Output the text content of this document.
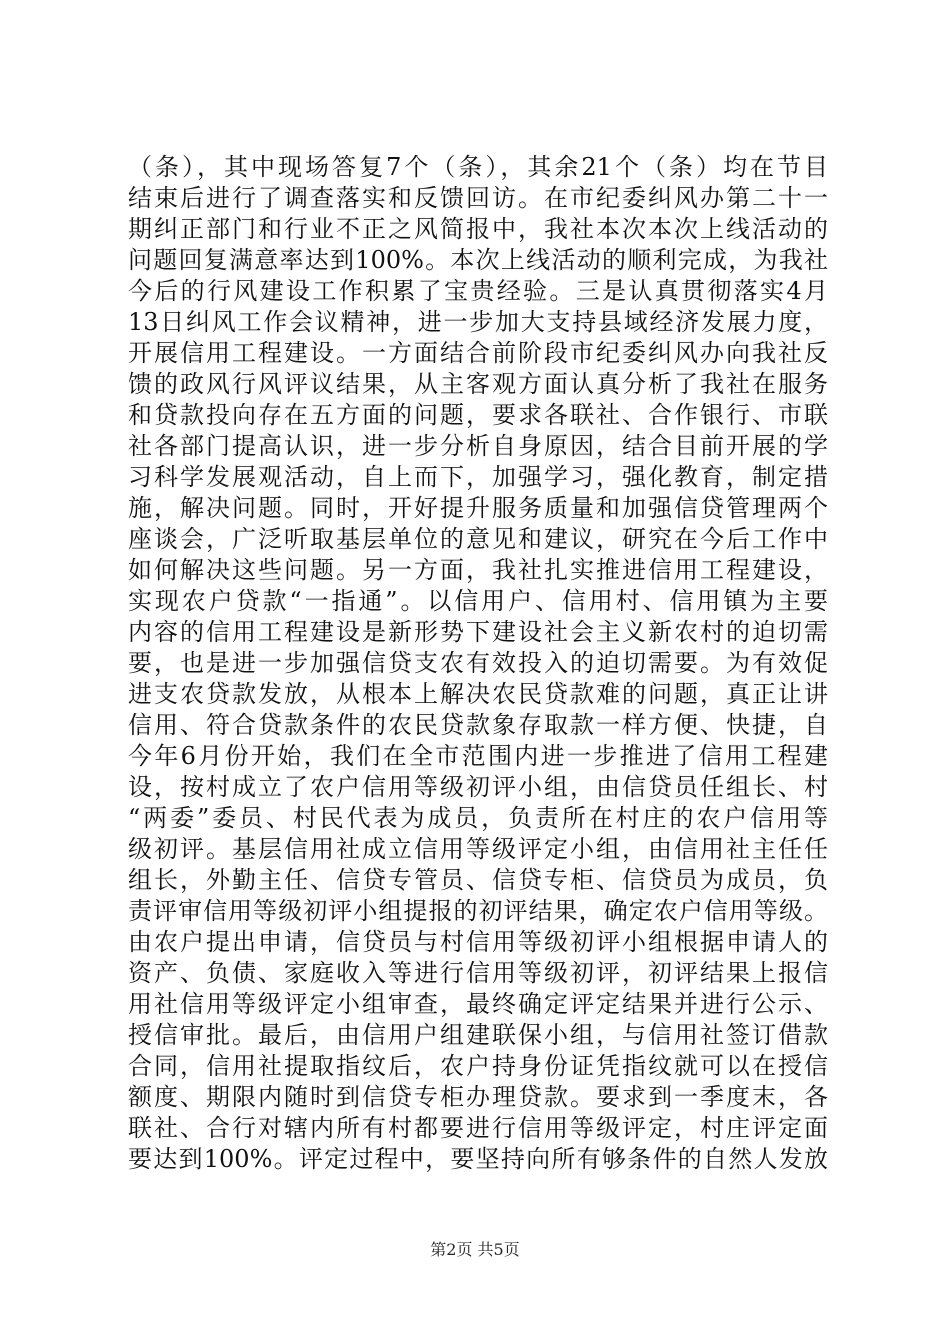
（条），其中现场答复7个（条），其余21个（条）均在节目
结束后进行了调查落实和反馈回访。在市纪委纠风办第二十一
期纠正部门和行业不正之风简报中，我社本次本次上线活动的
问题回复满意率达到100%。本次上线活动的顺利完成，为我社
今后的行风建设工作积累了宝贵经验。三是认真贯彻落实4月
13日纠风工作会议精神，进一步加大支持县域经济发展力度，
开展信用工程建设。一方面结合前阶段市纪委纠风办向我社反
馈的政风行风评议结果，从主客观方面认真分析了我社在服务
和贷款投向存在五方面的问题，要求各联社、合作银行、市联
社各部门提高认识，进一步分析自身原因，结合目前开展的学
习科学发展观活动，自上而下，加强学习，强化教育，制定措
施，解决问题。同时，开好提升服务质量和加强信贷管理两个
座谈会，广泛听取基层单位的意见和建议，研究在今后工作中
如何解决这些问题。另一方面，我社扎实推进信用工程建设，
实现农户贷款“一指通”。以信用户、信用村、信用镇为主要
内容的信用工程建设是新形势下建设社会主义新农村的迫切需
要，也是进一步加强信贷支农有效投入的迫切需要。为有效促
进支农贷款发放，从根本上解决农民贷款难的问题，真正让讲
信用、符合贷款条件的农民贷款象存取款一样方便、快捷，自
今年6月份开始，我们在全市范围内进一步推进了信用工程建
设，按村成立了农户信用等级初评小组，由信贷员任组长、村
“两委”委员、村民代表为成员，负责所在村庄的农户信用等
级初评。基层信用社成立信用等级评定小组，由信用社主任任
组长，外勤主任、信贷专管员、信贷专柜、信贷员为成员，负
责评审信用等级初评小组提报的初评结果，确定农户信用等级。
由农户提出申请，信贷员与村信用等级初评小组根据申请人的
资产、负债、家庭收入等进行信用等级初评，初评结果上报信
用社信用等级评定小组审查，最终确定评定结果并进行公示、
授信审批。最后，由信用户组建联保小组，与信用社签订借款
合同，信用社提取指纹后，农户持身份证凭指纹就可以在授信
额度、期限内随时到信贷专柜办理贷款。要求到一季度末，各
联社、合行对辖内所有村都要进行信用等级评定，村庄评定面
要达到100%。评定过程中，要坚持向所有够条件的自然人发放
第2页 共5页
